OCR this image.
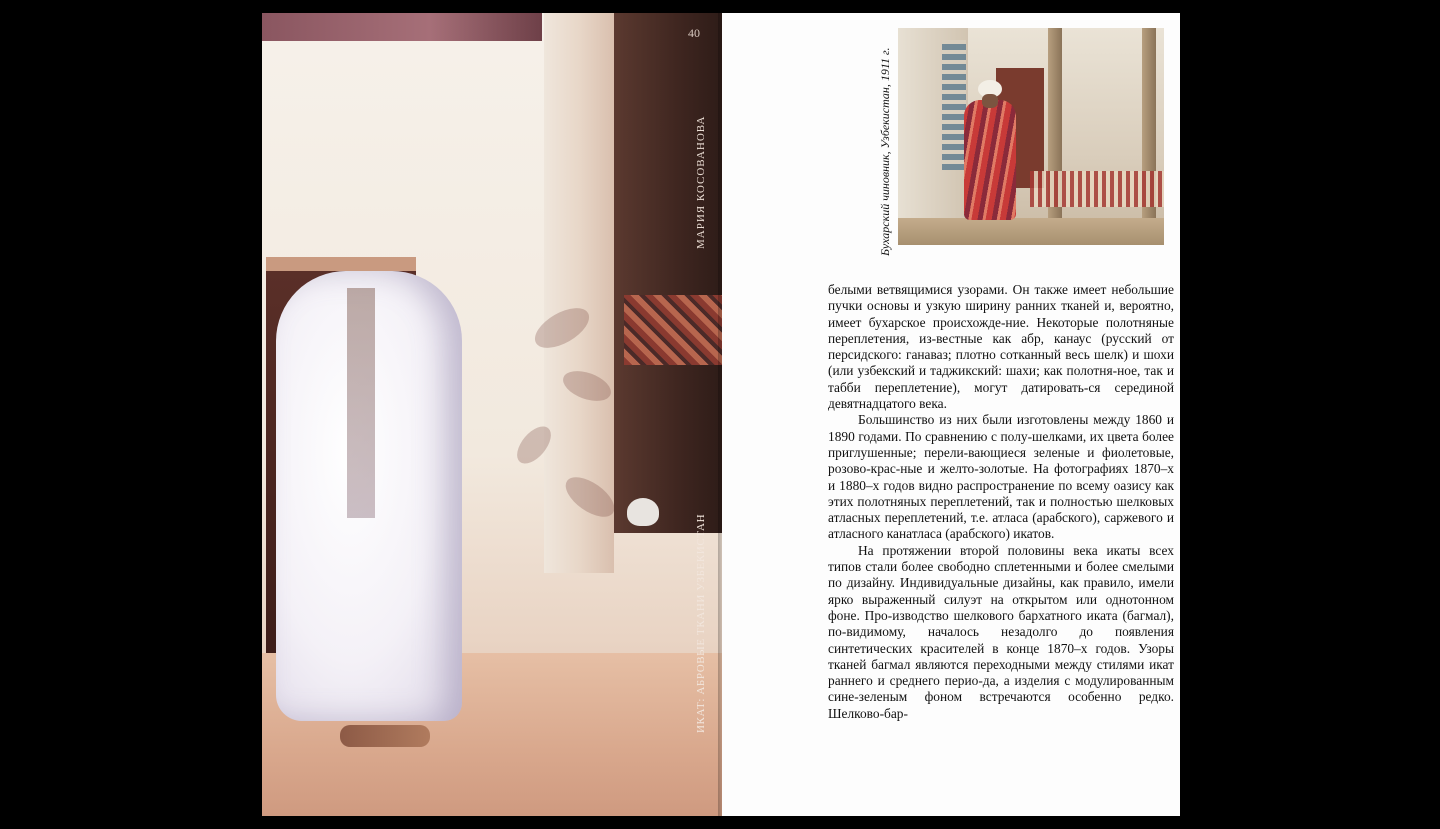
40
МАРИЯ КОСОВАНОВА
ИКАТ: АБРОВЫЕ ТКАНИ УЗБЕКИСТАН
Бухарский чиновник, Узбекистан, 1911 г.

белыми ветвящимися узорами. Он также имеет небольшие пучки основы и узкую ширину ранних тканей и, вероятно, имеет бухарское происхожде-ние. Некоторые полотняные переплетения, из-вестные как абр, канаус (русский от персидского: ганаваз; плотно сотканный весь шелк) и шохи (или узбекский и таджикский: шахи; как полотня-ное, так и табби переплетение), могут датировать-ся серединой девятнадцатого века.

Большинство из них были изготовлены между 1860 и 1890 годами. По сравнению с полу-шелками, их цвета более приглушенные; перели-вающиеся зеленые и фиолетовые, розово-крас-ные и желто-золотые. На фотографиях 1870–х и 1880–х годов видно распространение по всему оазису как этих полотняных переплетений, так и полностью шелковых атласных переплетений, т.е. атласа (арабского), саржевого и атласного канатласа (арабского) икатов.

На протяжении второй половины века икаты всех типов стали более свободно сплетенными и более смелыми по дизайну. Индивидуальные дизайны, как правило, имели ярко выраженный силуэт на открытом или однотонном фоне. Про-изводство шелкового бархатного иката (багмал), по-видимому, началось незадолго до появления синтетических красителей в конце 1870–х годов. Узоры тканей багмал являются переходными между стилями икат раннего и среднего перио-да, а изделия с модулированным сине-зеленым фоном встречаются особенно редко. Шелково-бар-
